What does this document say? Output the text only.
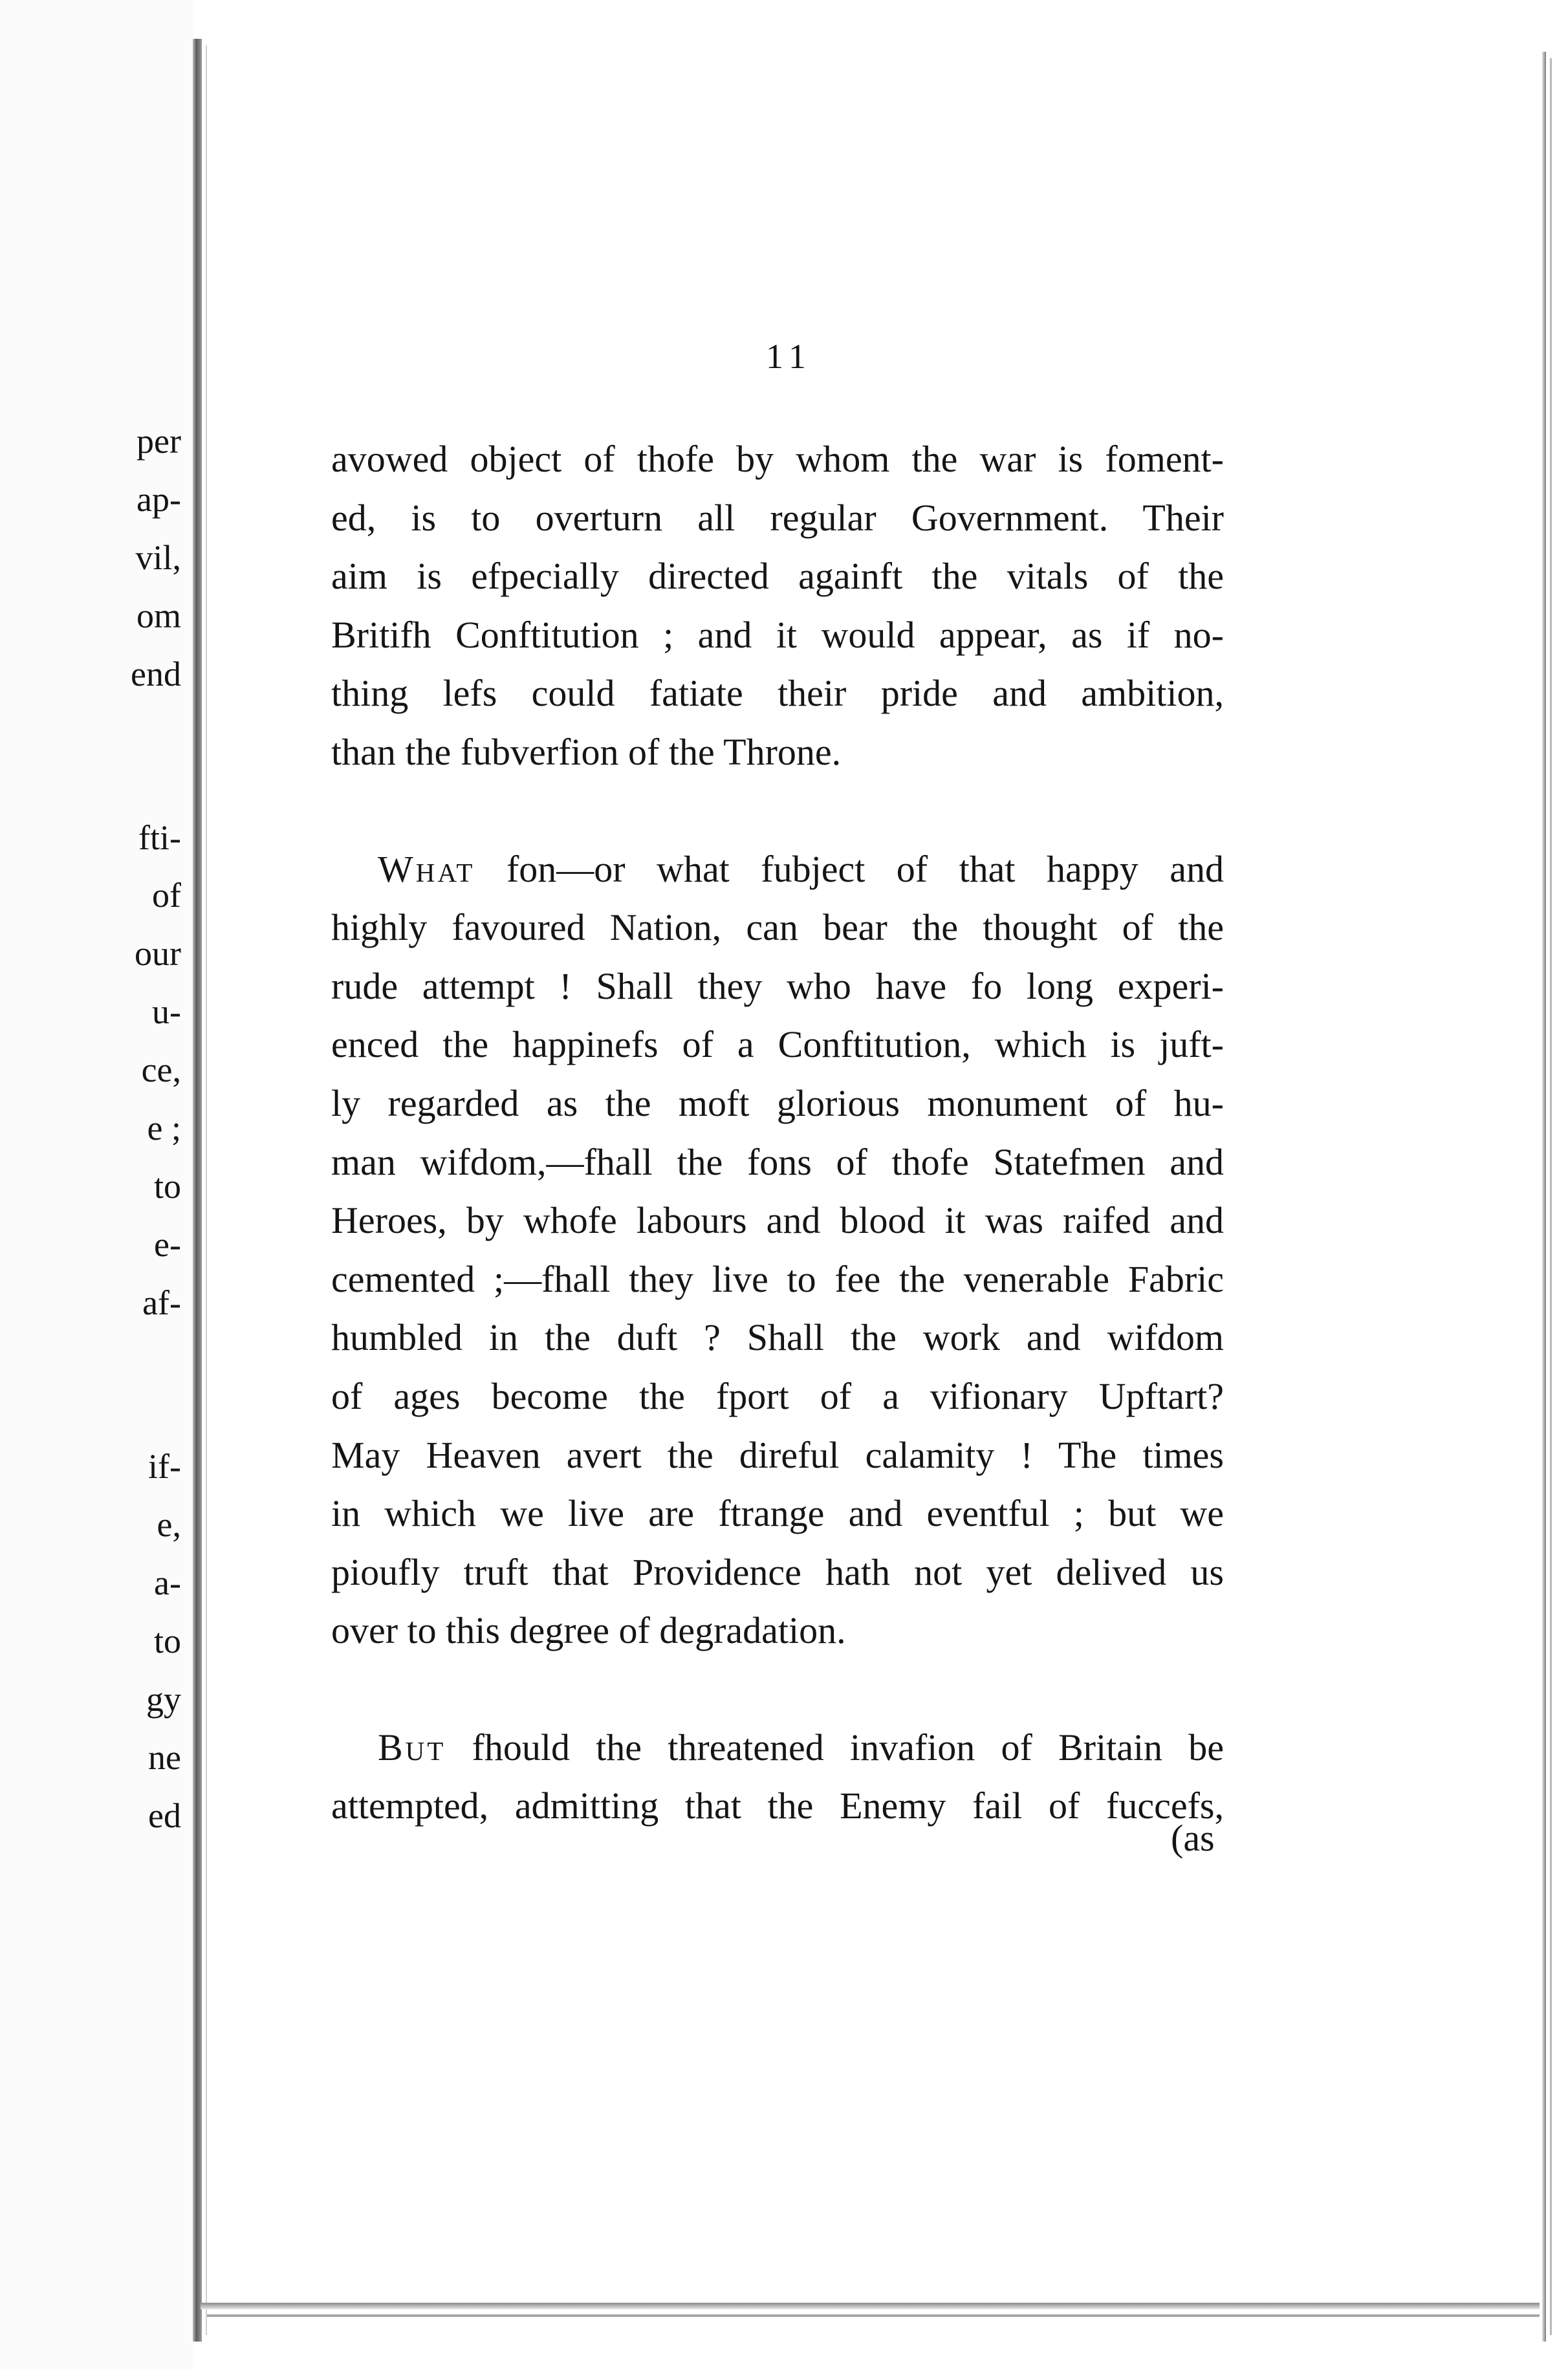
per
ap-
vil,
om
end
fti-
of
our
u-
ce,
e ;
to
e-
af-
if-
e,
a-
to
gy
ne
ed
11
avowed object of thofe by whom the war is foment-
ed, is to overturn all regular Government. Their
aim is efpecially directed againft the vitals of the
Britifh Conftitution ; and it would appear, as if no-
thing lefs could fatiate their pride and ambition,
than the fubverfion of the Throne.
What fon—or what fubject of that happy and
highly favoured Nation, can bear the thought of the
rude attempt ! Shall they who have fo long experi-
enced the happinefs of a Conftitution, which is juft-
ly regarded as the moft glorious monument of hu-
man wifdom,—fhall the fons of thofe Statefmen and
Heroes, by whofe labours and blood it was raifed and
cemented ;—fhall they live to fee the venerable Fabric
humbled in the duft ? Shall the work and wifdom
of ages become the fport of a vifionary Upftart?
May Heaven avert the direful calamity ! The times
in which we live are ftrange and eventful ; but we
pioufly truft that Providence hath not yet delived us
over to this degree of degradation.
But fhould the threatened invafion of Britain be
attempted, admitting that the Enemy fail of fuccefs,
(as
